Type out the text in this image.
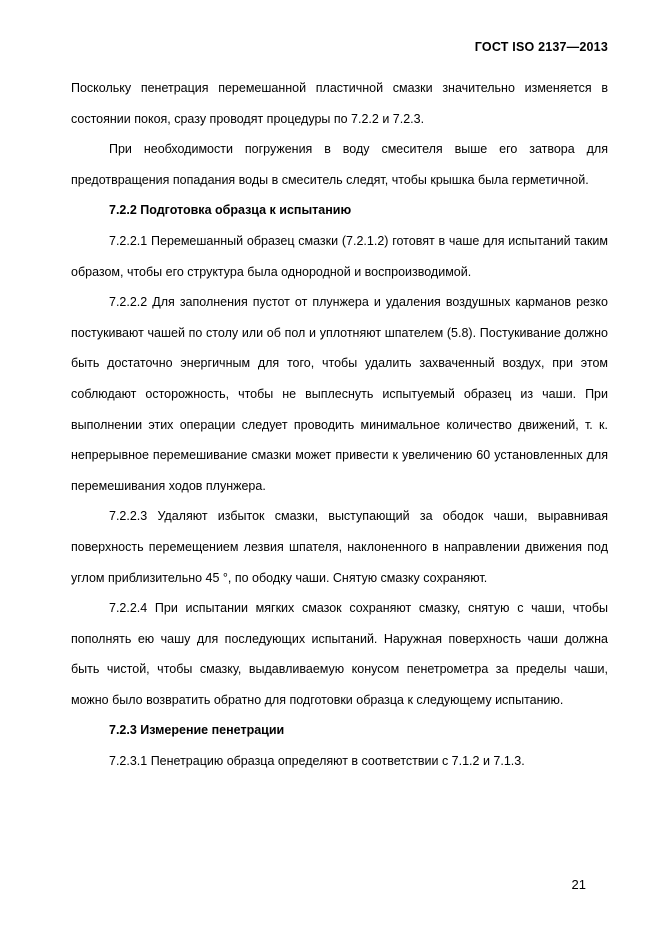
ГОСТ ISO 2137—2013

Поскольку пенетрация перемешанной пластичной смазки значительно изменяется в состоянии покоя, сразу проводят процедуры по 7.2.2 и 7.2.3.

При необходимости погружения в воду смесителя выше его затвора для предотвращения попадания воды в смеситель следят, чтобы крышка была герметичной.

7.2.2 Подготовка образца к испытанию

7.2.2.1 Перемешанный образец смазки (7.2.1.2) готовят в чаше для испытаний таким образом, чтобы его структура была однородной и воспроизводимой.

7.2.2.2 Для заполнения пустот от плунжера и удаления воздушных карманов резко постукивают чашей по столу или об пол и уплотняют шпателем (5.8). Постукивание должно быть достаточно энергичным для того, чтобы удалить захваченный воздух, при этом соблюдают осторожность, чтобы не выплеснуть испытуемый образец из чаши. При выполнении этих операции следует проводить минимальное количество движений, т. к. непрерывное перемешивание смазки может привести к увеличению 60 установленных для перемешивания ходов плунжера.

7.2.2.3 Удаляют избыток смазки, выступающий за ободок чаши, выравнивая поверхность перемещением лезвия шпателя, наклоненного в направлении движения под углом приблизительно 45 °, по ободку чаши. Снятую смазку сохраняют.

7.2.2.4 При испытании мягких смазок сохраняют смазку, снятую с чаши, чтобы пополнять ею чашу для последующих испытаний. Наружная поверхность чаши должна быть чистой, чтобы смазку, выдавливаемую конусом пенетрометра за пределы чаши, можно было возвратить обратно для подготовки образца к следующему испытанию.

7.2.3 Измерение пенетрации

7.2.3.1 Пенетрацию образца определяют в соответствии с 7.1.2 и 7.1.3.

21
